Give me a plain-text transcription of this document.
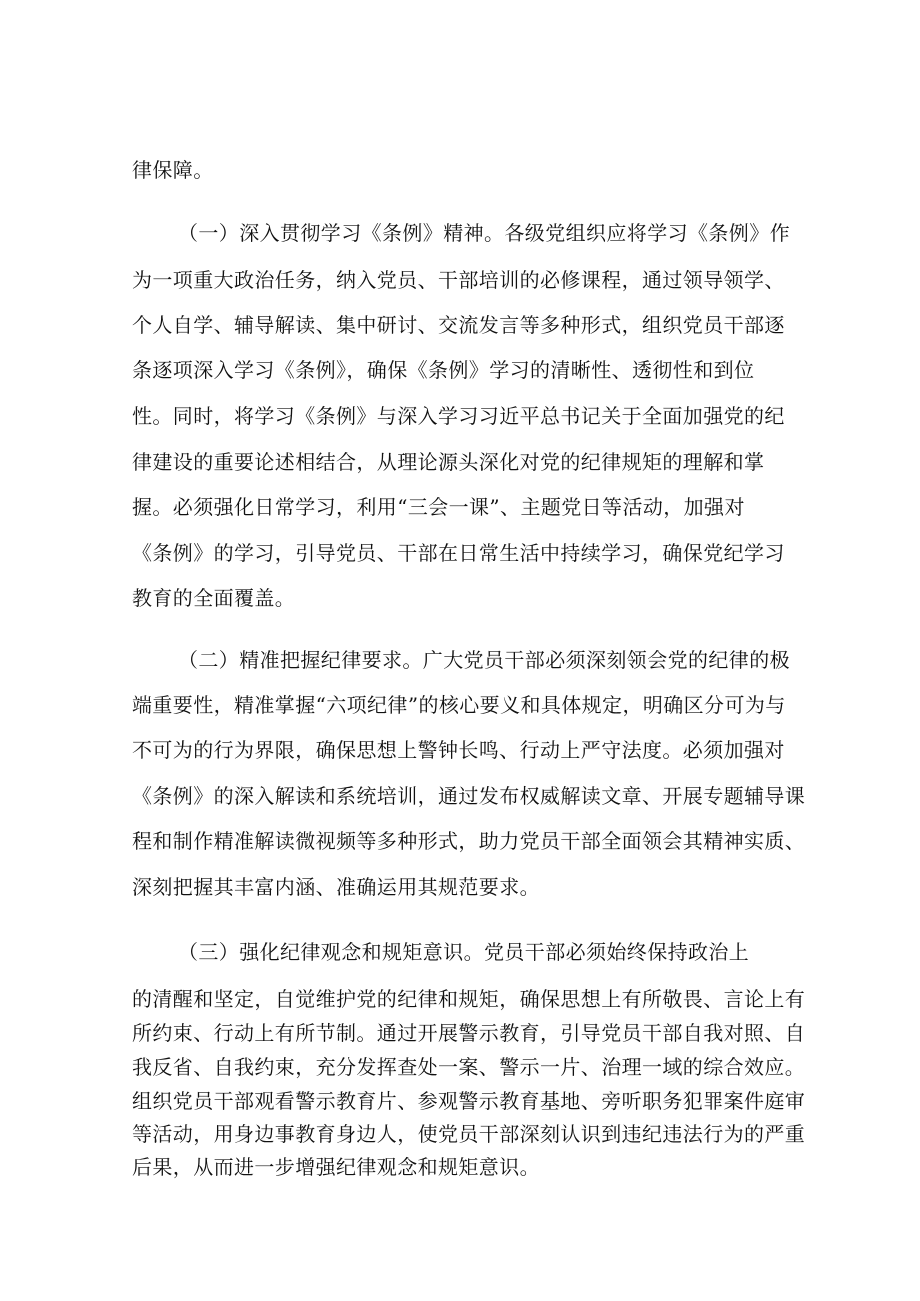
律保障。
（一）深入贯彻学习《条例》精神。各级党组织应将学习《条例》作
为一项重大政治任务，纳入党员、干部培训的必修课程，通过领导领学、
个人自学、辅导解读、集中研讨、交流发言等多种形式，组织党员干部逐
条逐项深入学习《条例》，确保《条例》学习的清晰性、透彻性和到位
性。同时，将学习《条例》与深入学习习近平总书记关于全面加强党的纪
律建设的重要论述相结合，从理论源头深化对党的纪律规矩的理解和掌
握。必须强化日常学习，利用“三会一课”、主题党日等活动，加强对
《条例》的学习，引导党员、干部在日常生活中持续学习，确保党纪学习
教育的全面覆盖。
（二）精准把握纪律要求。广大党员干部必须深刻领会党的纪律的极
端重要性，精准掌握“六项纪律”的核心要义和具体规定，明确区分可为与
不可为的行为界限，确保思想上警钟长鸣、行动上严守法度。必须加强对
《条例》的深入解读和系统培训，通过发布权威解读文章、开展专题辅导课
程和制作精准解读微视频等多种形式，助力党员干部全面领会其精神实质、
深刻把握其丰富内涵、准确运用其规范要求。
（三）强化纪律观念和规矩意识。党员干部必须始终保持政治上
的清醒和坚定，自觉维护党的纪律和规矩，确保思想上有所敬畏、言论上有
所约束、行动上有所节制。通过开展警示教育，引导党员干部自我对照、自
我反省、自我约束，充分发挥查处一案、警示一片、治理一域的综合效应。
组织党员干部观看警示教育片、参观警示教育基地、旁听职务犯罪案件庭审
等活动，用身边事教育身边人，使党员干部深刻认识到违纪违法行为的严重
后果，从而进一步增强纪律观念和规矩意识。
